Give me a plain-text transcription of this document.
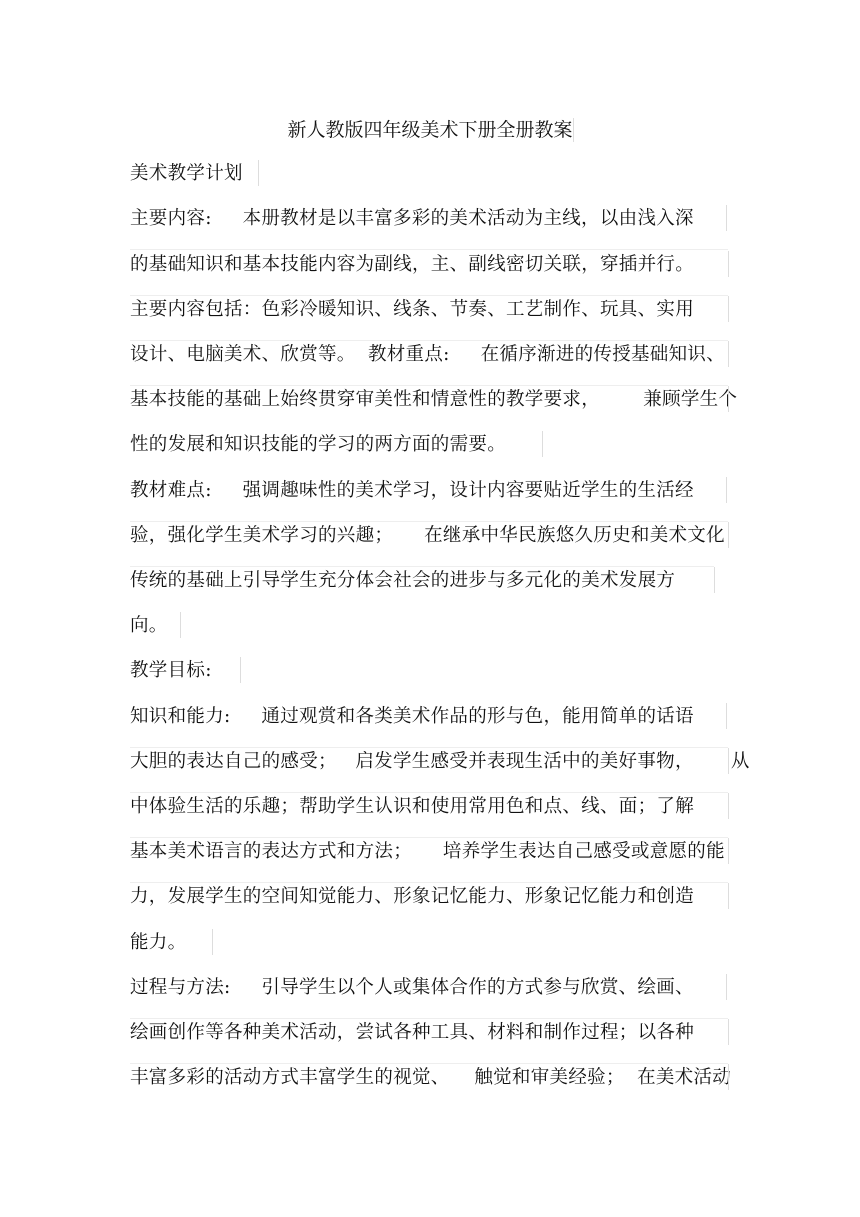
新人教版四年级美术下册全册教案
美术教学计划
主要内容:     本册教材是以丰富多彩的美术活动为主线，以由浅入深
的基础知识和基本技能内容为副线，主、副线密切关联，穿插并行。
主要内容包括：色彩冷暖知识、线条、节奏、工艺制作、玩具、实用
设计、电脑美术、欣赏等。  教材重点:     在循序渐进的传授基础知识、
基本技能的基础上始终贯穿审美性和情意性的教学要求，       兼顾学生个
性的发展和知识技能的学习的两方面的需要。
教材难点:     强调趣味性的美术学习，设计内容要贴近学生的生活经
验，强化学生美术学习的兴趣；     在继承中华民族悠久历史和美术文化
传统的基础上引导学生充分体会社会的进步与多元化的美术发展方
向。
教学目标:
知识和能力:     通过观赏和各类美术作品的形与色，能用简单的话语
大胆的表达自己的感受；   启发学生感受并表现生活中的美好事物，      从
中体验生活的乐趣；帮助学生认识和使用常用色和点、线、面；了解
基本美术语言的表达方式和方法；     培养学生表达自己感受或意愿的能
力，发展学生的空间知觉能力、形象记忆能力、形象记忆能力和创造
能力。
过程与方法:     引导学生以个人或集体合作的方式参与欣赏、绘画、
绘画创作等各种美术活动，尝试各种工具、材料和制作过程；以各种
丰富多彩的活动方式丰富学生的视觉、    触觉和审美经验；  在美术活动
